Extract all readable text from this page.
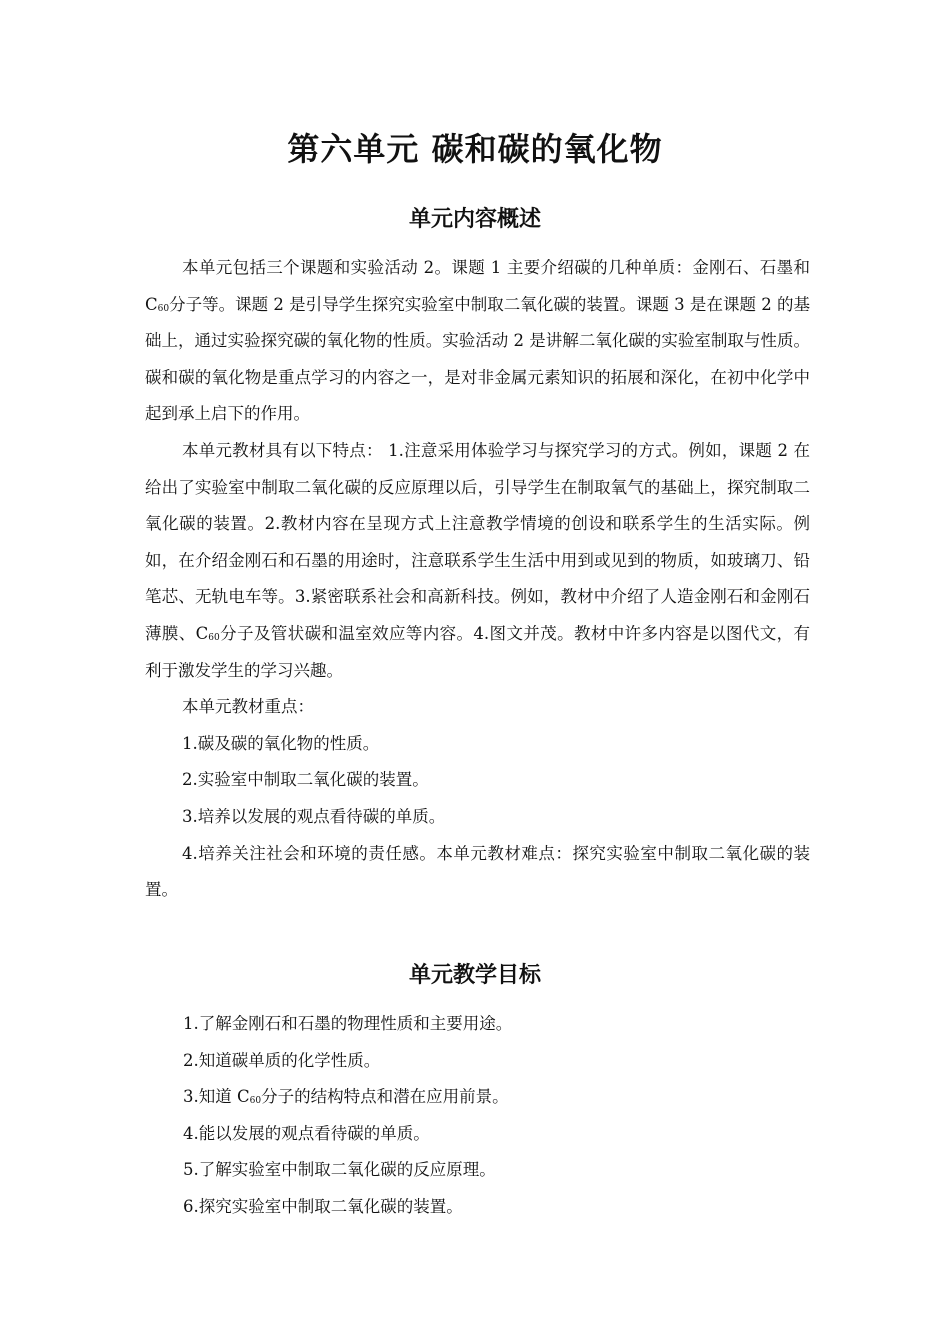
第六单元 碳和碳的氧化物
单元内容概述

本单元包括三个课题和实验活动 2。课题 1 主要介绍碳的几种单质：金刚石、石墨和 $C_{60}$分子等。课题 2 是引导学生探究实验室中制取二氧化碳的装置。课题 3 是在课题 2 的基础上，通过实验探究碳的氧化物的性质。实验活动 2 是讲解二氧化碳的实验室制取与性质。碳和碳的氧化物是重点学习的内容之一，是对非金属元素知识的拓展和深化，在初中化学中起到承上启下的作用。

本单元教材具有以下特点： 1.注意采用体验学习与探究学习的方式。例如，课题 2 在给出了实验室中制取二氧化碳的反应原理以后，引导学生在制取氧气的基础上，探究制取二氧化碳的装置。2.教材内容在呈现方式上注意教学情境的创设和联系学生的生活实际。例如，在介绍金刚石和石墨的用途时，注意联系学生生活中用到或见到的物质，如玻璃刀、铅笔芯、无轨电车等。3.紧密联系社会和高新科技。例如，教材中介绍了人造金刚石和金刚石薄膜、$C_{60}$分子及管状碳和温室效应等内容。4.图文并茂。教材中许多内容是以图代文，有利于激发学生的学习兴趣。

本单元教材重点：

1.碳及碳的氧化物的性质。

2.实验室中制取二氧化碳的装置。

3.培养以发展的观点看待碳的单质。

4.培养关注社会和环境的责任感。本单元教材难点：探究实验室中制取二氧化碳的装置。

单元教学目标

1.了解金刚石和石墨的物理性质和主要用途。

2.知道碳单质的化学性质。

3.知道 $C_{60}$分子的结构特点和潜在应用前景。

4.能以发展的观点看待碳的单质。

5.了解实验室中制取二氧化碳的反应原理。

6.探究实验室中制取二氧化碳的装置。
